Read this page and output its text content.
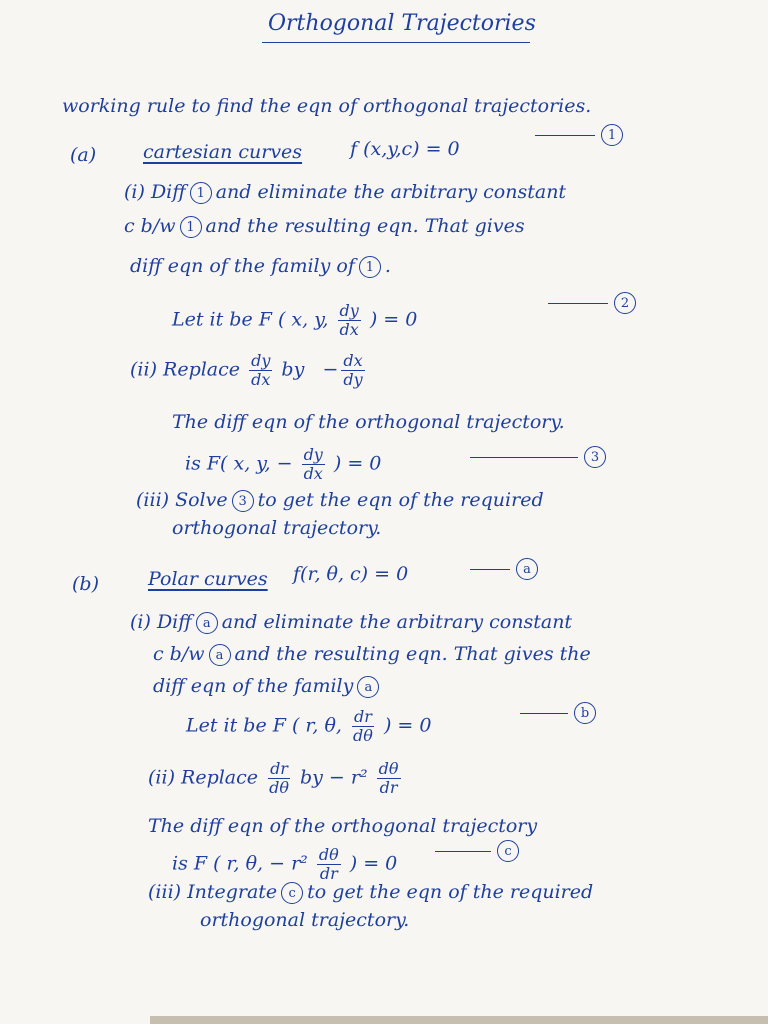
Orthogonal Trajectories
working rule to find the eqn of orthogonal trajectories.
(a) cartesian curves	f (x,y,c) = 0
1
(i) Diff 1 and eliminate the arbitrary constant
c b/w 1 and the resulting eqn. That gives
diff eqn of the family of 1 .
Let it be F ( x, y, $\frac{dy}{dx}$ ) = 0
2
(ii) Replace $\frac{dy}{dx}$ by − $\frac{dx}{dy}$
The diff eqn of the orthogonal trajectory.
is F( x, y, − $\frac{dy}{dx}$ ) = 0	3
(iii) Solve 3 to get the eqn of the required
orthogonal trajectory.
(b)	Polar curves f(r, θ, c) = 0	a
(i) Diff a and eliminate the arbitrary constant
c b/w a and the resulting eqn. That gives the
diff eqn of the family a
Let it be F ( r, θ, $\frac{dr}{d\theta}$ ) = 0
b
(ii) Replace $\frac{dr}{d\theta}$ by − $r^2 \frac{d\theta}{dr}$
The diff eqn of the orthogonal trajectory
is F ( r, θ, − $r^2 \frac{d\theta}{dr}$ ) = 0
c
(iii) Integrate c to get the eqn of the required
orthogonal trajectory.
